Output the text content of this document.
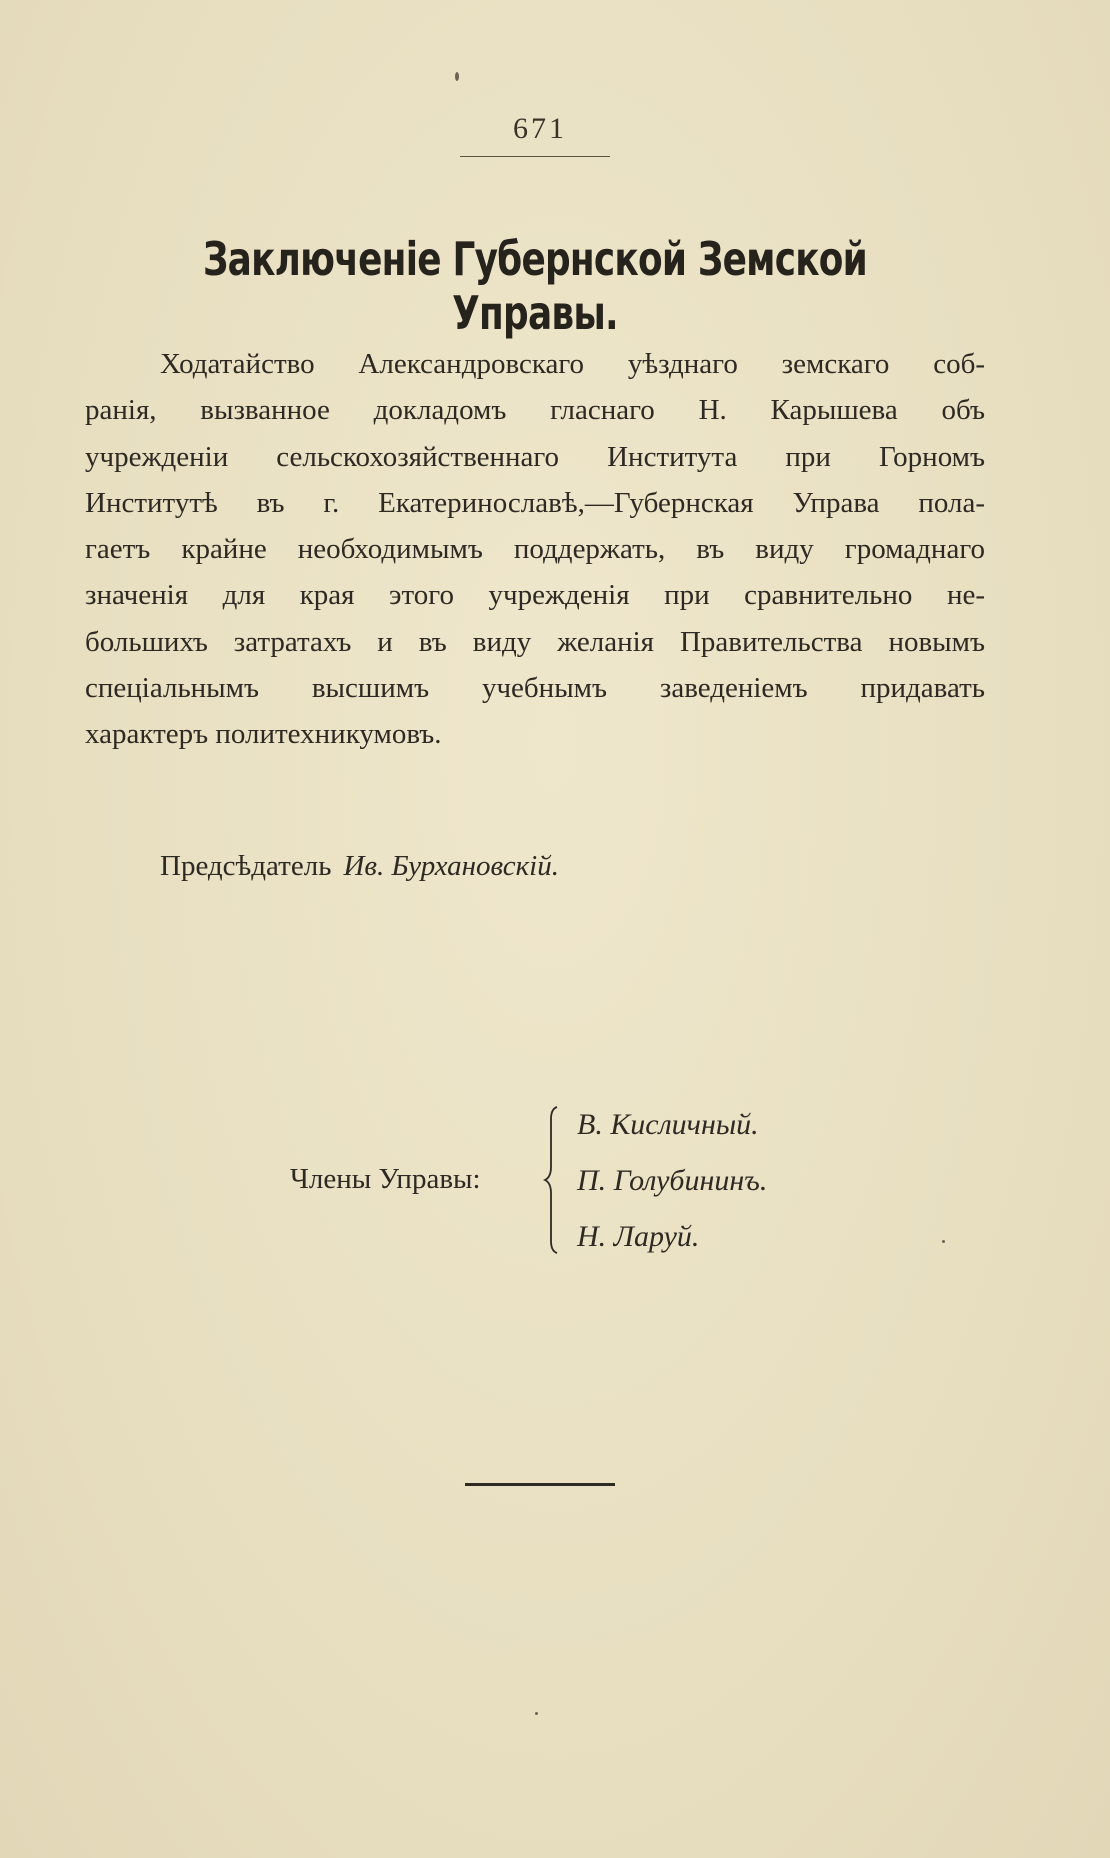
671
Заключеніе Губернской Земской Управы.
Ходатайство Александровскаго уѣзднаго земскаго соб-
ранія, вызванное докладомъ гласнаго Н. Карышева объ
учрежденіи сельскохозяйственнаго Института при Горномъ
Институтѣ въ г. Екатеринославѣ,—Губернская Управа пола-
гаетъ крайне необходимымъ поддержать, въ виду громаднаго
значенія для края этого учрежденія при сравнительно не-
большихъ затратахъ и въ виду желанія Правительства новымъ
спеціальнымъ высшимъ учебнымъ заведеніемъ придавать
характеръ политехникумовъ.
Предсѣдатель Ив. Бурхановскій.
Члены Управы:
В. Кисличный.
П. Голубининъ.
Н. Ларуй.
